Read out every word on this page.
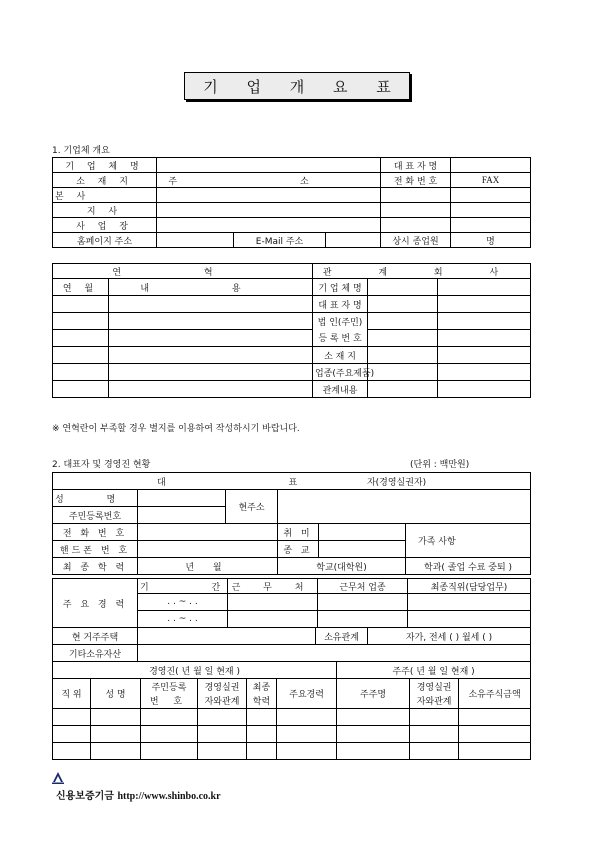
기 업 개 요 표
1. 기업체 개요
기 업 체 명				대 표 자 명	
소 재 지	주 소			전 화 번 호	FAX
본 사					
지 사					
사 업 장					
홈페이지 주소		E-Mail 주소		상시 종업원	명
연 혁		관 계 회 사		
연 월	내 용	기 업 체 명		
		대 표 자 명		
		법 인(주민)		
		등 록 번 호		
		소 재 지		
		업종(주요제품)		
		관계내용		
※ 연혁란이 부족할 경우 별지를 이용하여 작성하시기 바랍니다.
2. 대표자 및 경영진 현황	(단위 : 백만원)
대 표 자(경영실권자)					
성 명		현주소			
주민등록번호					
전 화 번 호			취 미		가족 사항
핸드폰 번 호			종 교		
최 종 학 력	년 월		학교(대학원)		학과( 졸업 수료 중퇴 )
주 요 경 력	기 간	근 무 처	근무처 업종	최종직위(담당업무)
	. . ~ . .			
	. . ~ . .			
현 거주주택		소유관계	자가, 전세 ( ) 월세 ( )
기타소유자산			
경영진( 년 월 일 현재 )						주주( 년 월 일 현재 )		
직 위	성 명	주민등록	경영실권	최종	주요경력	주주명	경영실권	소유주식금액
		번 호	자와관계	학력			자와관계	

신용보증기금 http://www.shinbo.co.kr
